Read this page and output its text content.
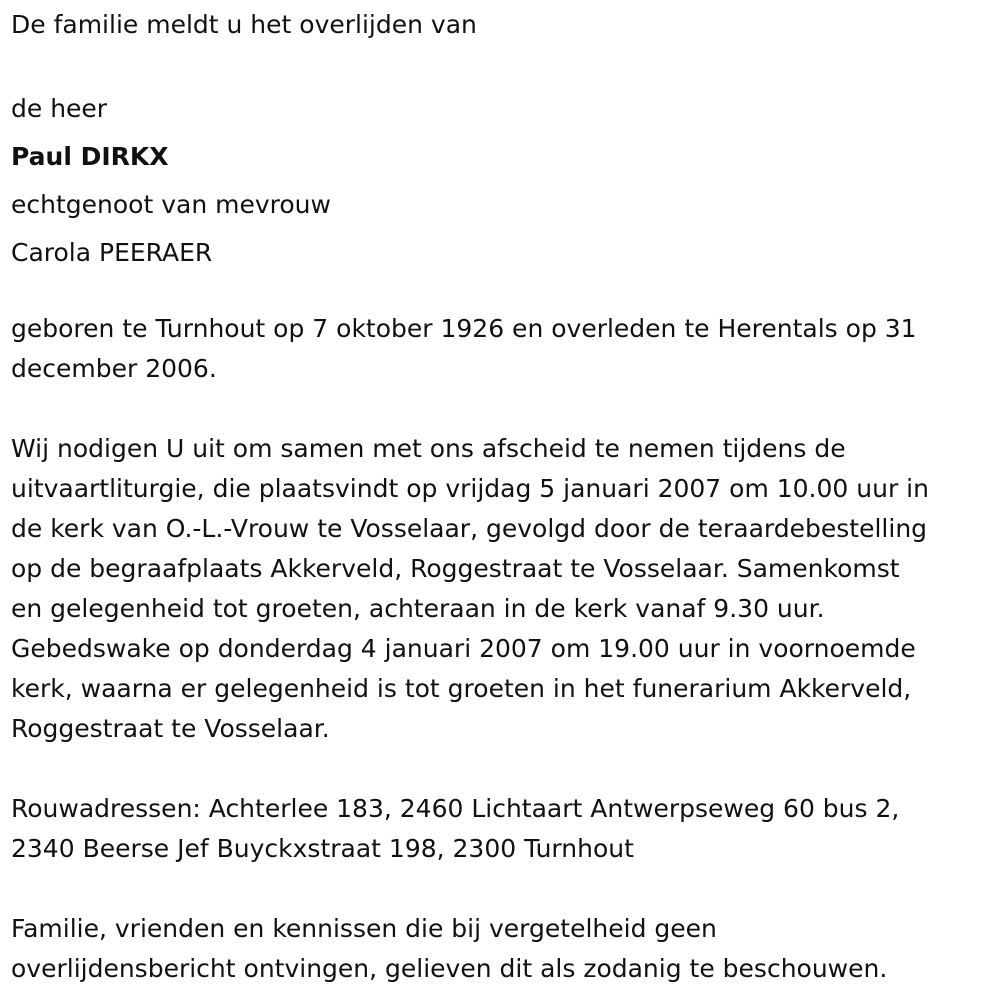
De familie meldt u het overlijden van

de heer

Paul DIRKX

echtgenoot van mevrouw

Carola PEERAER

geboren te Turnhout op 7 oktober 1926 en overleden te Herentals op 31

december 2006.

Wij nodigen U uit om samen met ons afscheid te nemen tijdens de

uitvaartliturgie, die plaatsvindt op vrijdag 5 januari 2007 om 10.00 uur in

de kerk van O.-L.-Vrouw te Vosselaar, gevolgd door de teraardebestelling

op de begraafplaats Akkerveld, Roggestraat te Vosselaar. Samenkomst

en gelegenheid tot groeten, achteraan in de kerk vanaf 9.30 uur.

Gebedswake op donderdag 4 januari 2007 om 19.00 uur in voornoemde

kerk, waarna er gelegenheid is tot groeten in het funerarium Akkerveld,

Roggestraat te Vosselaar.

Rouwadressen: Achterlee 183, 2460 Lichtaart Antwerpseweg 60 bus 2,

2340 Beerse Jef Buyckxstraat 198, 2300 Turnhout

Familie, vrienden en kennissen die bij vergetelheid geen

overlijdensbericht ontvingen, gelieven dit als zodanig te beschouwen.
